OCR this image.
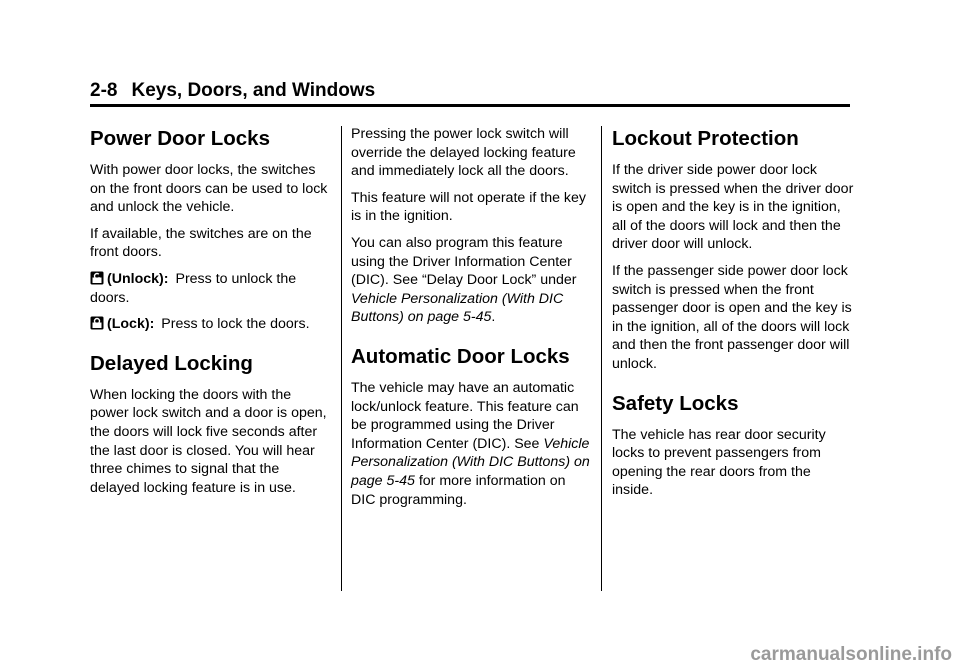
2-8 Keys, Doors, and Windows
Power Door Locks

With power door locks, the switches on the front doors can be used to lock and unlock the vehicle.

If available, the switches are on the front doors.

(Unlock): Press to unlock the doors.

(Lock): Press to lock the doors.

Delayed Locking

When locking the doors with the power lock switch and a door is open, the doors will lock five seconds after the last door is closed. You will hear three chimes to signal that the delayed locking feature is in use.

Pressing the power lock switch will override the delayed locking feature and immediately lock all the doors.

This feature will not operate if the key is in the ignition.

You can also program this feature using the Driver Information Center (DIC). See “Delay Door Lock” under Vehicle Personalization (With DIC Buttons) on page 5-45.

Automatic Door Locks

The vehicle may have an automatic lock/unlock feature. This feature can be programmed using the Driver Information Center (DIC). See Vehicle Personalization (With DIC Buttons) on page 5-45 for more information on DIC programming.

Lockout Protection

If the driver side power door lock switch is pressed when the driver door is open and the key is in the ignition, all of the doors will lock and then the driver door will unlock.

If the passenger side power door lock switch is pressed when the front passenger door is open and the key is in the ignition, all of the doors will lock and then the front passenger door will unlock.

Safety Locks

The vehicle has rear door security locks to prevent passengers from opening the rear doors from the inside.

carmanualsonline.info
